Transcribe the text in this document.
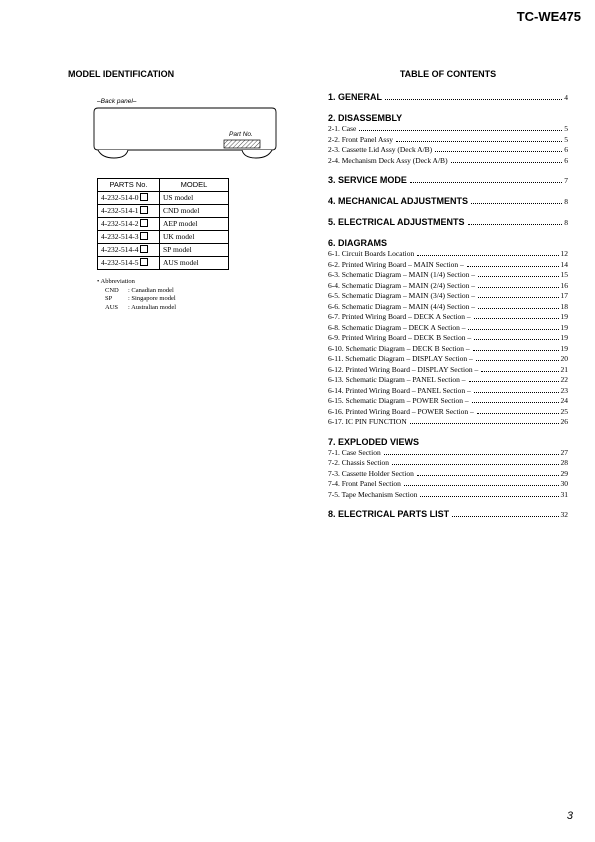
TC-WE475
MODEL IDENTIFICATION	TABLE OF CONTENTS
–Back panel–
Part No.
PARTS No.	MODEL
4-232-514-0	US model
4-232-514-1	CND model
4-232-514-2	AEP model
4-232-514-3	UK model
4-232-514-4	SP model
4-232-514-5	AUS model
• Abbreviation
CND : Canadian model
SP : Singapore model
AUS : Australian model
1. GENERAL	4
2. DISASSEMBLY
2-1. Case	5
2-2. Front Panel Assy	5
2-3. Cassette Lid Assy (Deck A/B)	6
2-4. Mechanism Deck Assy (Deck A/B)	6
3. SERVICE MODE	7
4. MECHANICAL ADJUSTMENTS	8
5. ELECTRICAL ADJUSTMENTS	8
6. DIAGRAMS
6-1. Circuit Boards Location	12
6-2. Printed Wiring Board – MAIN Section –	14
6-3. Schematic Diagram – MAIN (1/4) Section –	15
6-4. Schematic Diagram – MAIN (2/4) Section –	16
6-5. Schematic Diagram – MAIN (3/4) Section –	17
6-6. Schematic Diagram – MAIN (4/4) Section –	18
6-7. Printed Wiring Board – DECK A Section –	19
6-8. Schematic Diagram – DECK A Section –	19
6-9. Printed Wiring Board – DECK B Section –	19
6-10. Schematic Diagram – DECK B Section –	19
6-11. Schematic Diagram – DISPLAY Section –	20
6-12. Printed Wiring Board – DISPLAY Section –	21
6-13. Schematic Diagram – PANEL Section –	22
6-14. Printed Wiring Board – PANEL Section –	23
6-15. Schematic Diagram – POWER Section –	24
6-16. Printed Wiring Board – POWER Section –	25
6-17. IC PIN FUNCTION	26
7. EXPLODED VIEWS
7-1. Case Section	27
7-2. Chassis Section	28
7-3. Cassette Holder Section	29
7-4. Front Panel Section	30
7-5. Tape Mechanism Section	31
8. ELECTRICAL PARTS LIST	32
3
